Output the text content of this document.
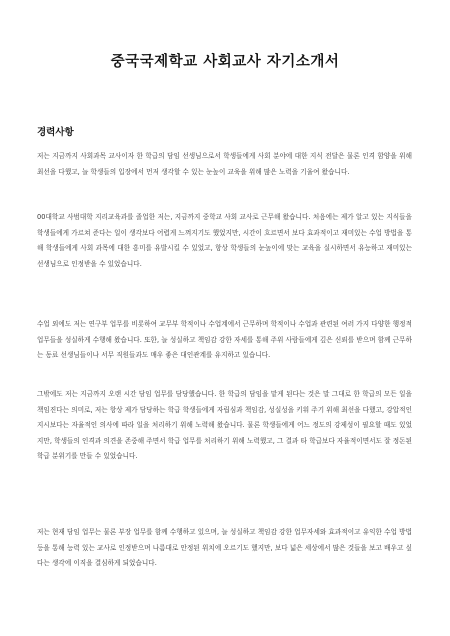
중국국제학교 사회교사 자기소개서
경력사항

저는 지금까지 사회과목 교사이자 한 학급의 담임 선생님으로서 학생들에게 사회 분야에 대한 지식 전달은 물론 인격 함양을 위해 최선을 다했고, 늘 학생들의 입장에서 먼저 생각할 수 있는 눈높이 교육을 위해 많은 노력을 기울여 왔습니다.

00대학교 사범대학 지리교육과를 졸업한 저는, 지금까지 중학교 사회 교사로 근무해 왔습니다. 처음에는 제가 알고 있는 지식들을 학생들에게 가르쳐 준다는 일이 생각보다 어렵게 느껴지기도 했었지만, 시간이 흐르면서 보다 효과적이고 재미있는 수업 방법을 통해 학생들에게 사회 과목에 대한 흥미를 유발시킬 수 있었고, 항상 학생들의 눈높이에 맞는 교육을 실시하면서 유능하고 재미있는 선생님으로 인정받을 수 있었습니다.

수업 외에도 저는 연구부 업무를 비롯하여 교무부 학적이나 수업계에서 근무하며 학적이나 수업과 관련된 여러 가지 다양한 행정적 업무들을 성실하게 수행해 왔습니다. 또한, 늘 성실하고 책임감 강한 자세를 통해 주위 사람들에게 깊은 신뢰를 받으며 함께 근무하는 동료 선생님들이나 서무 직원들과도 매우 좋은 대인관계를 유지하고 있습니다.

그밖에도 저는 지금까지 오랜 시간 담임 업무를 담당했습니다. 한 학급의 담임을 맡게 된다는 것은 말 그대로 한 학급의 모든 일을 책임진다는 의미로, 저는 항상 제가 담당하는 학급 학생들에게 자립심과 책임감, 성실성을 키워 주기 위해 최선을 다했고, 강압적인 지시보다는 자율적인 의사에 따라 일을 처리하기 위해 노력해 왔습니다. 물론 학생들에게 어느 정도의 강제성이 필요할 때도 있었지만, 학생들의 인격과 의견을 존중해 주면서 학급 업무를 처리하기 위해 노력했고, 그 결과 타 학급보다 자율적이면서도 잘 정돈된 학급 분위기를 만들 수 있었습니다.

저는 현재 담임 업무는 물론 부장 업무를 함께 수행하고 있으며, 늘 성실하고 책임감 강한 업무자세와 효과적이고 유익한 수업 방법 등을 통해 능력 있는 교사로 인정받으며 나름대로 안정된 위치에 오르기도 했지만, 보다 넓은 세상에서 많은 것들을 보고 배우고 싶다는 생각에 이직을 결심하게 되었습니다.
